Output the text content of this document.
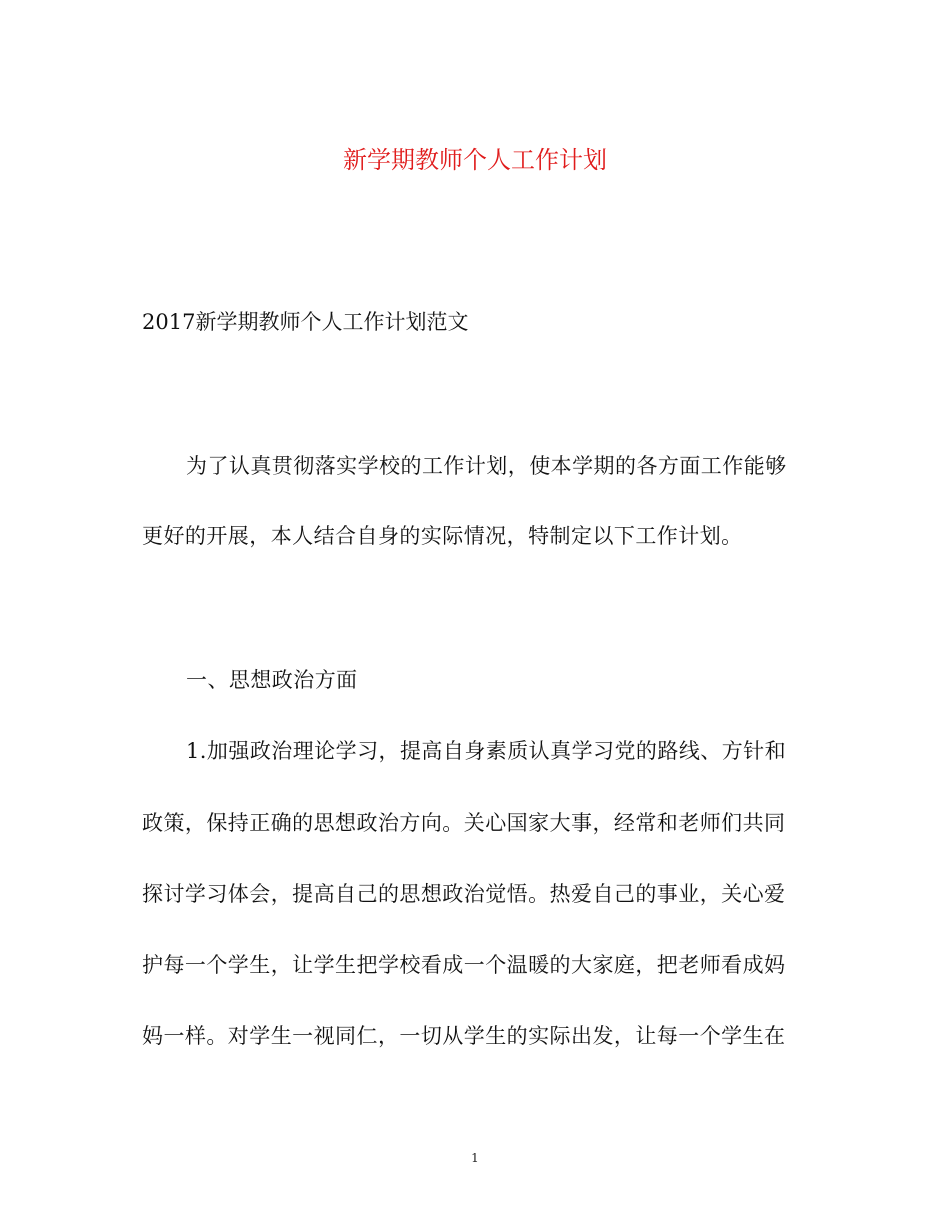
新学期教师个人工作计划

2017新学期教师个人工作计划范文

为了认真贯彻落实学校的工作计划，使本学期的各方面工作能够

更好的开展，本人结合自身的实际情况，特制定以下工作计划。

一、思想政治方面

1.加强政治理论学习，提高自身素质认真学习党的路线、方针和

政策，保持正确的思想政治方向。关心国家大事，经常和老师们共同

探讨学习体会，提高自己的思想政治觉悟。热爱自己的事业，关心爱

护每一个学生，让学生把学校看成一个温暖的大家庭，把老师看成妈

妈一样。对学生一视同仁，一切从学生的实际出发，让每一个学生在

1
